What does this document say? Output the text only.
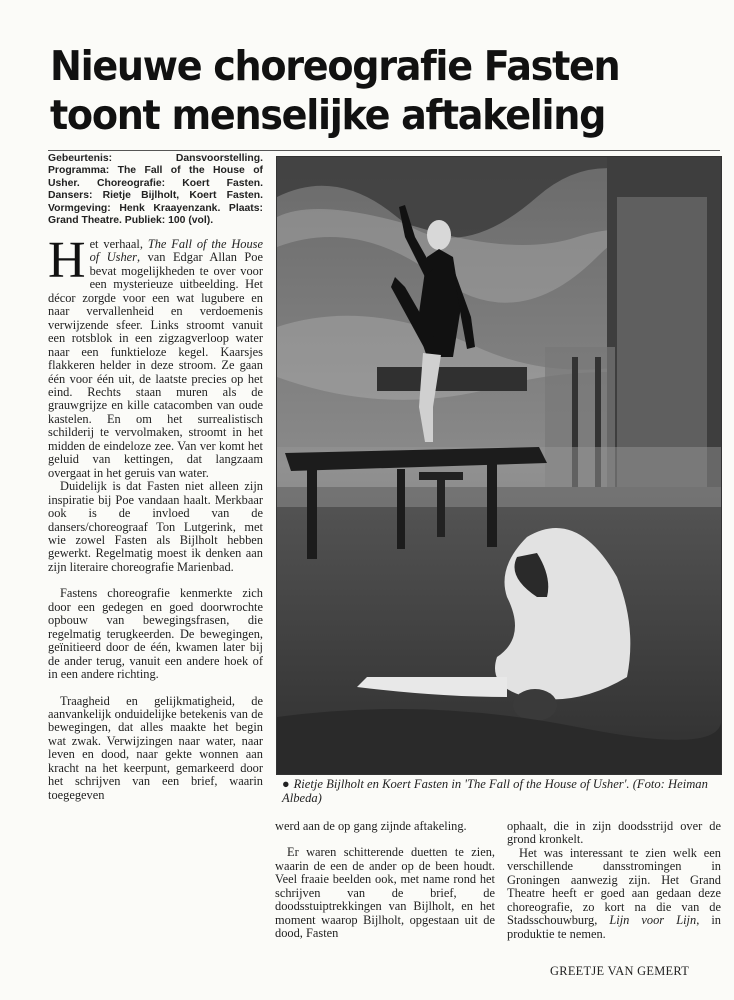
Nieuwe choreografie Fasten
toont menselijke aftakeling
Gebeurtenis:	Dansvoorstelling. Programma: The Fall of the House of Usher. Choreografie: Koert Fasten. Dansers: Rietje Bijlholt, Koert Fasten. Vormgeving: Henk Kraayenzank. Plaats: Grand Theatre. Publiek: 100 (vol).

Het verhaal, The Fall of the House of Usher, van Edgar Allan Poe bevat mogelijkheden te over voor een mysterieuze uitbeelding. Het décor zorgde voor een wat lugubere en naar vervallenheid en verdoemenis verwijzende sfeer. Links stroomt vanuit een rotsblok in een zigzagverloop water naar een funktieloze kegel. Kaarsjes flakkeren helder in deze stroom. Ze gaan één voor één uit, de laatste precies op het eind. Rechts staan muren als de grauwgrijze en kille catacomben van oude kastelen. En om het surrealistisch schilderij te vervolmaken, stroomt in het midden de eindeloze zee. Van ver komt het geluid van kettingen, dat langzaam overgaat in het geruis van water.

Duidelijk is dat Fasten niet alleen zijn inspiratie bij Poe vandaan haalt. Merkbaar ook is de invloed van de dansers/choreograaf Ton Lutgerink, met wie zowel Fasten als Bijlholt hebben gewerkt. Regelmatig moest ik denken aan zijn literaire choreografie Marienbad.

Fastens choreografie kenmerkte zich door een gedegen en goed doorwrochte opbouw van bewegingsfrasen, die regelmatig terugkeerden. De bewegingen, geïnitieerd door de één, kwamen later bij de ander terug, vanuit een andere hoek of in een andere richting.

Traagheid en gelijkmatigheid, de aanvankelijk onduidelijke betekenis van de bewegingen, dat alles maakte het begin wat zwak. Verwijzingen naar water, naar leven en dood, naar gekte wonnen aan kracht na het keerpunt, gemarkeerd door het schrijven van een brief, waarin toegegeven

● Rietje Bijlholt en Koert Fasten in 'The Fall of the House of Usher'. (Foto: Heiman Albeda)

werd aan de op gang zijnde aftakeling.

Er waren schitterende duetten te zien, waarin de een de ander op de been houdt. Veel fraaie beelden ook, met name rond het schrijven van de brief, de doodsstuiptrekkingen van Bijlholt, en het moment waarop Bijlholt, opgestaan uit de dood, Fasten

ophaalt, die in zijn doodsstrijd over de grond kronkelt.

Het was interessant te zien welk een verschillende dansstromingen in Groningen aanwezig zijn. Het Grand Theatre heeft er goed aan gedaan deze choreografie, zo kort na die van de Stadsschouwburg, Lijn voor Lijn, in produktie te nemen.

GREETJE VAN GEMERT
